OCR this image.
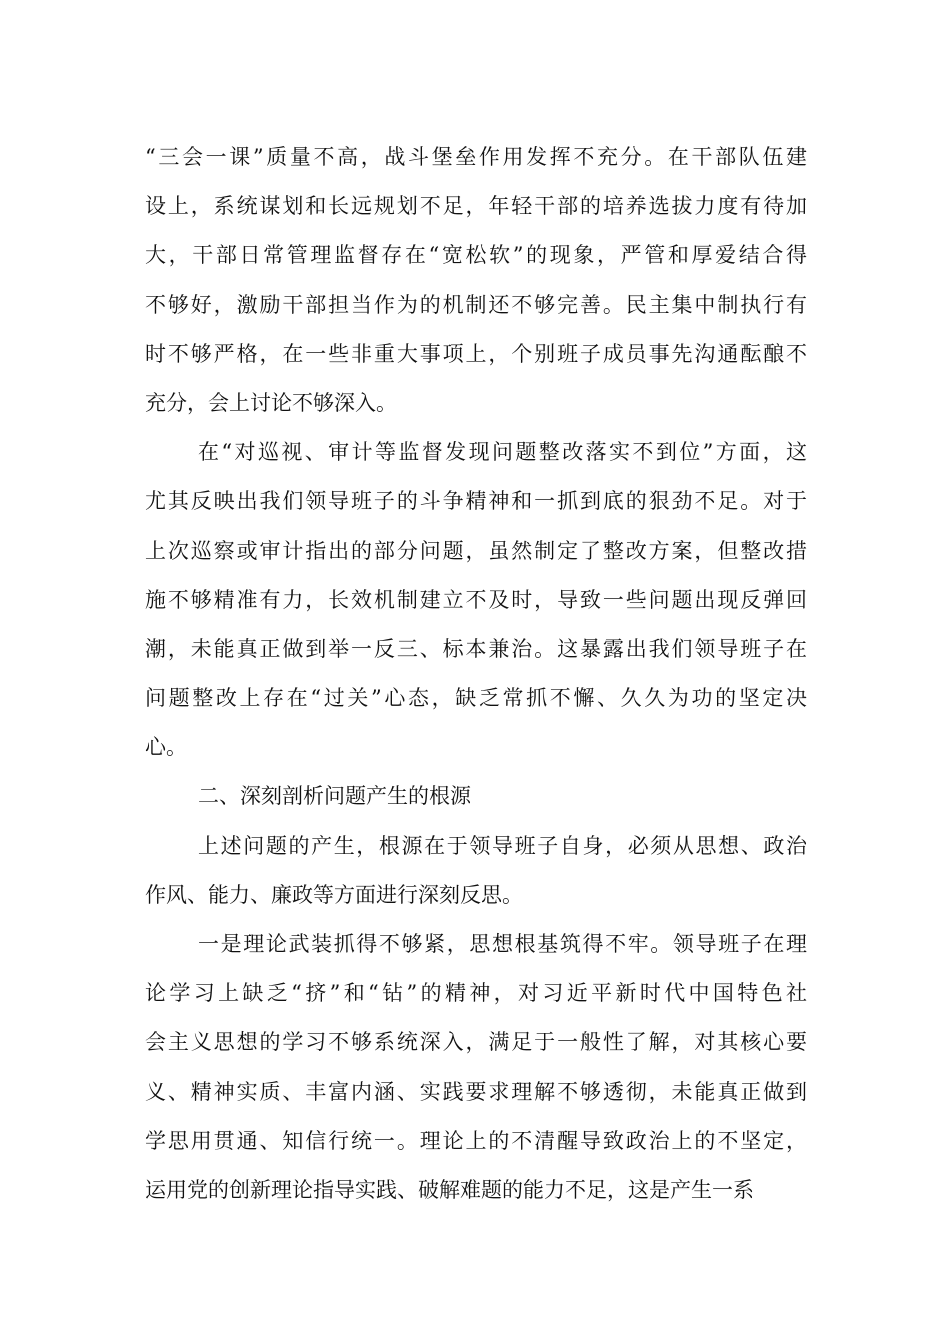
“三会一课”质量不高，战斗堡垒作用发挥不充分。在干部队伍建
设上，系统谋划和长远规划不足，年轻干部的培养选拔力度有待加
大，干部日常管理监督存在“宽松软”的现象，严管和厚爱结合得
不够好，激励干部担当作为的机制还不够完善。民主集中制执行有
时不够严格，在一些非重大事项上，个别班子成员事先沟通酝酿不
充分，会上讨论不够深入。
在“对巡视、审计等监督发现问题整改落实不到位”方面，这
尤其反映出我们领导班子的斗争精神和一抓到底的狠劲不足。对于
上次巡察或审计指出的部分问题，虽然制定了整改方案，但整改措
施不够精准有力，长效机制建立不及时，导致一些问题出现反弹回
潮，未能真正做到举一反三、标本兼治。这暴露出我们领导班子在
问题整改上存在“过关”心态，缺乏常抓不懈、久久为功的坚定决
心。
二、深刻剖析问题产生的根源
上述问题的产生，根源在于领导班子自身，必须从思想、政治
作风、能力、廉政等方面进行深刻反思。
一是理论武装抓得不够紧，思想根基筑得不牢。领导班子在理
论学习上缺乏“挤”和“钻”的精神，对习近平新时代中国特色社
会主义思想的学习不够系统深入，满足于一般性了解，对其核心要
义、精神实质、丰富内涵、实践要求理解不够透彻，未能真正做到
学思用贯通、知信行统一。理论上的不清醒导致政治上的不坚定，
运用党的创新理论指导实践、破解难题的能力不足，这是产生一系
